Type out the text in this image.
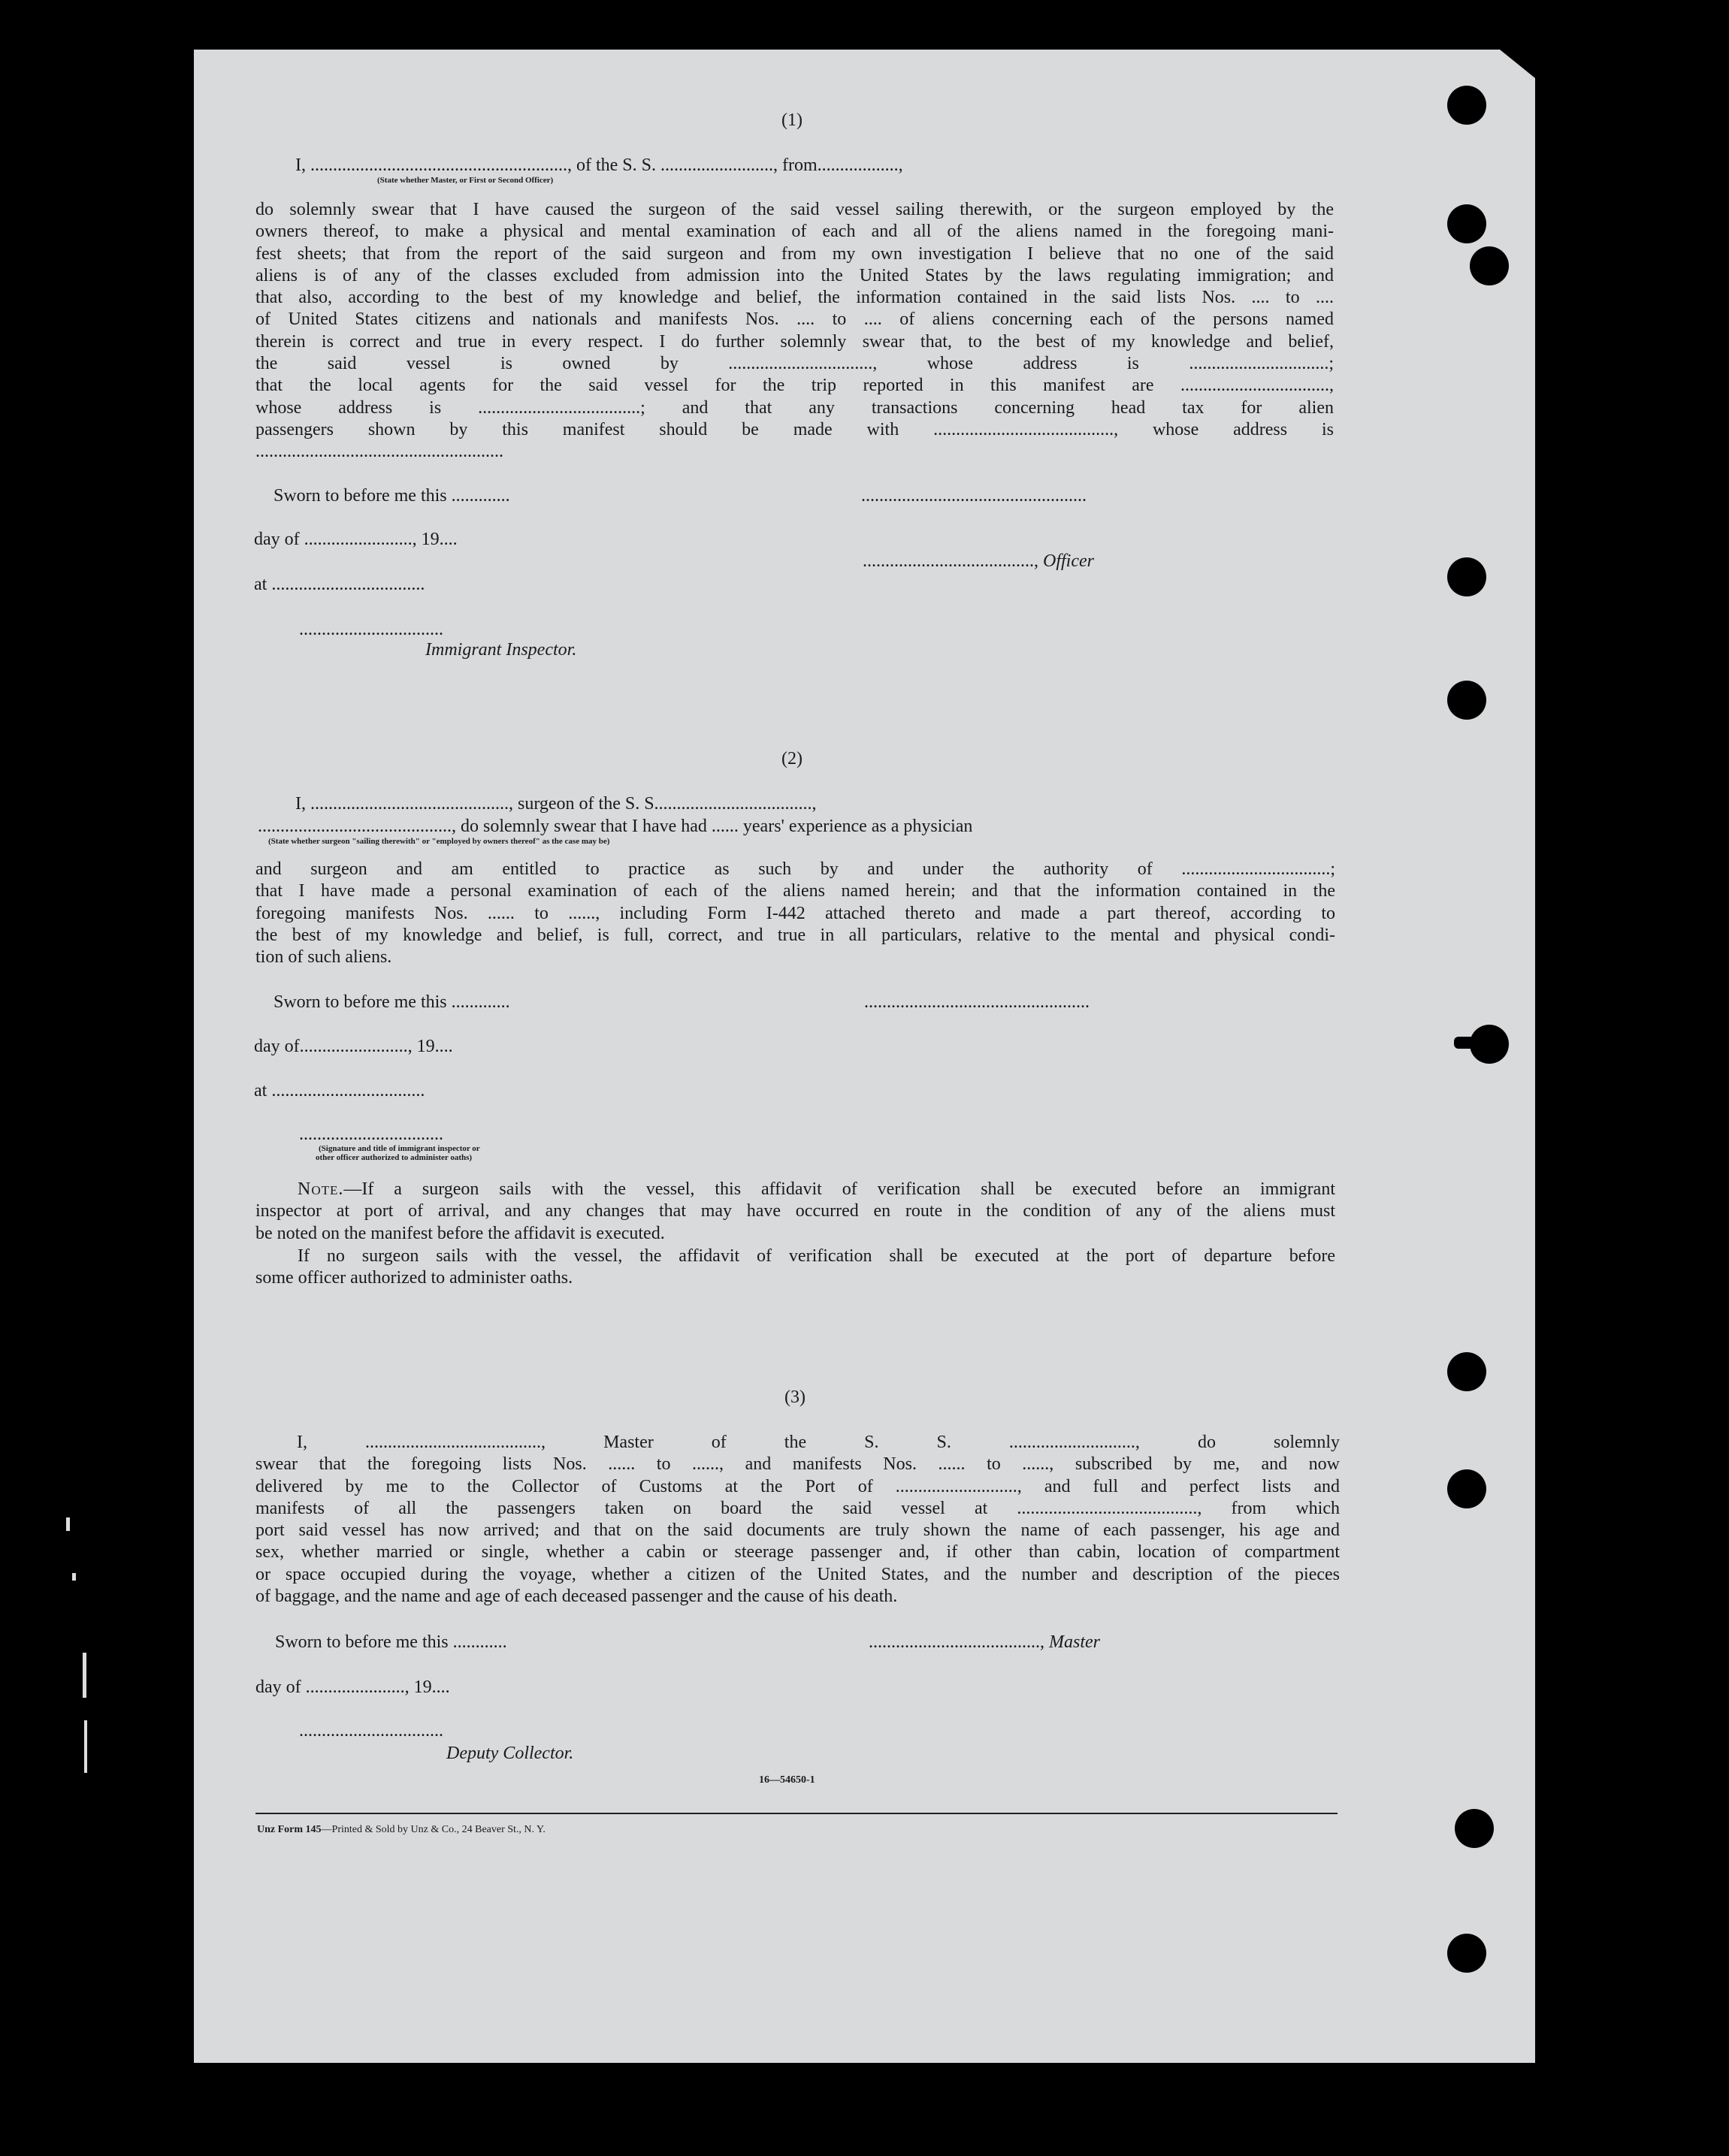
(1)
I, ........................................................., of the S. S. ........................., from..................,
(State whether Master, or First or Second Officer)
do solemnly swear that I have caused the surgeon of the said vessel sailing therewith, or the surgeon employed by the
owners thereof, to make a physical and mental examination of each and all of the aliens named in the foregoing mani-
fest sheets; that from the report of the said surgeon and from my own investigation I believe that no one of the said
aliens is of any of the classes excluded from admission into the United States by the laws regulating immigration; and
that also, according to the best of my knowledge and belief, the information contained in the said lists Nos. .... to ....
of United States citizens and nationals and manifests Nos. .... to .... of aliens concerning each of the persons named
therein is correct and true in every respect. I do further solemnly swear that, to the best of my knowledge and belief,
the said vessel is owned by ................................, whose address is ...............................;
that the local agents for the said vessel for the trip reported in this manifest are .................................,
whose address is ....................................; and that any transactions concerning head tax for alien
passengers shown by this manifest should be made with ........................................, whose address is
.......................................................
Sworn to before me this .............	..................................................
day of ........................, 19....
......................................, Officer
at ..................................
................................
Immigrant Inspector.
(2)
I, ............................................, surgeon of the S. S...................................,
..........................................., do solemnly swear that I have had ...... years' experience as a physician
(State whether surgeon "sailing therewith" or "employed by owners thereof" as the case may be)
and surgeon and am entitled to practice as such by and under the authority of .................................;
that I have made a personal examination of each of the aliens named herein; and that the information contained in the
foregoing manifests Nos. ...... to ......, including Form I-442 attached thereto and made a part thereof, according to
the best of my knowledge and belief, is full, correct, and true in all particulars, relative to the mental and physical condi-
tion of such aliens.
Sworn to before me this .............	..................................................
day of........................, 19....
at ..................................
................................
(Signature and title of immigrant inspector or
other officer authorized to administer oaths)
Note.—If a surgeon sails with the vessel, this affidavit of verification shall be executed before an immigrant
inspector at port of arrival, and any changes that may have occurred en route in the condition of any of the aliens must
be noted on the manifest before the affidavit is executed.
If no surgeon sails with the vessel, the affidavit of verification shall be executed at the port of departure before
some officer authorized to administer oaths.
(3)
I, ......................................., Master of the S. S. ............................, do solemnly
swear that the foregoing lists Nos. ...... to ......, and manifests Nos. ...... to ......, subscribed by me, and now
delivered by me to the Collector of Customs at the Port of ..........................., and full and perfect lists and
manifests of all the passengers taken on board the said vessel at ........................................, from which
port said vessel has now arrived; and that on the said documents are truly shown the name of each passenger, his age and
sex, whether married or single, whether a cabin or steerage passenger and, if other than cabin, location of compartment
or space occupied during the voyage, whether a citizen of the United States, and the number and description of the pieces
of baggage, and the name and age of each deceased passenger and the cause of his death.
Sworn to before me this ............	......................................, Master
day of ......................, 19....
................................
Deputy Collector.
16—54650-1
Unz Form 145—Printed & Sold by Unz & Co., 24 Beaver St., N. Y.
